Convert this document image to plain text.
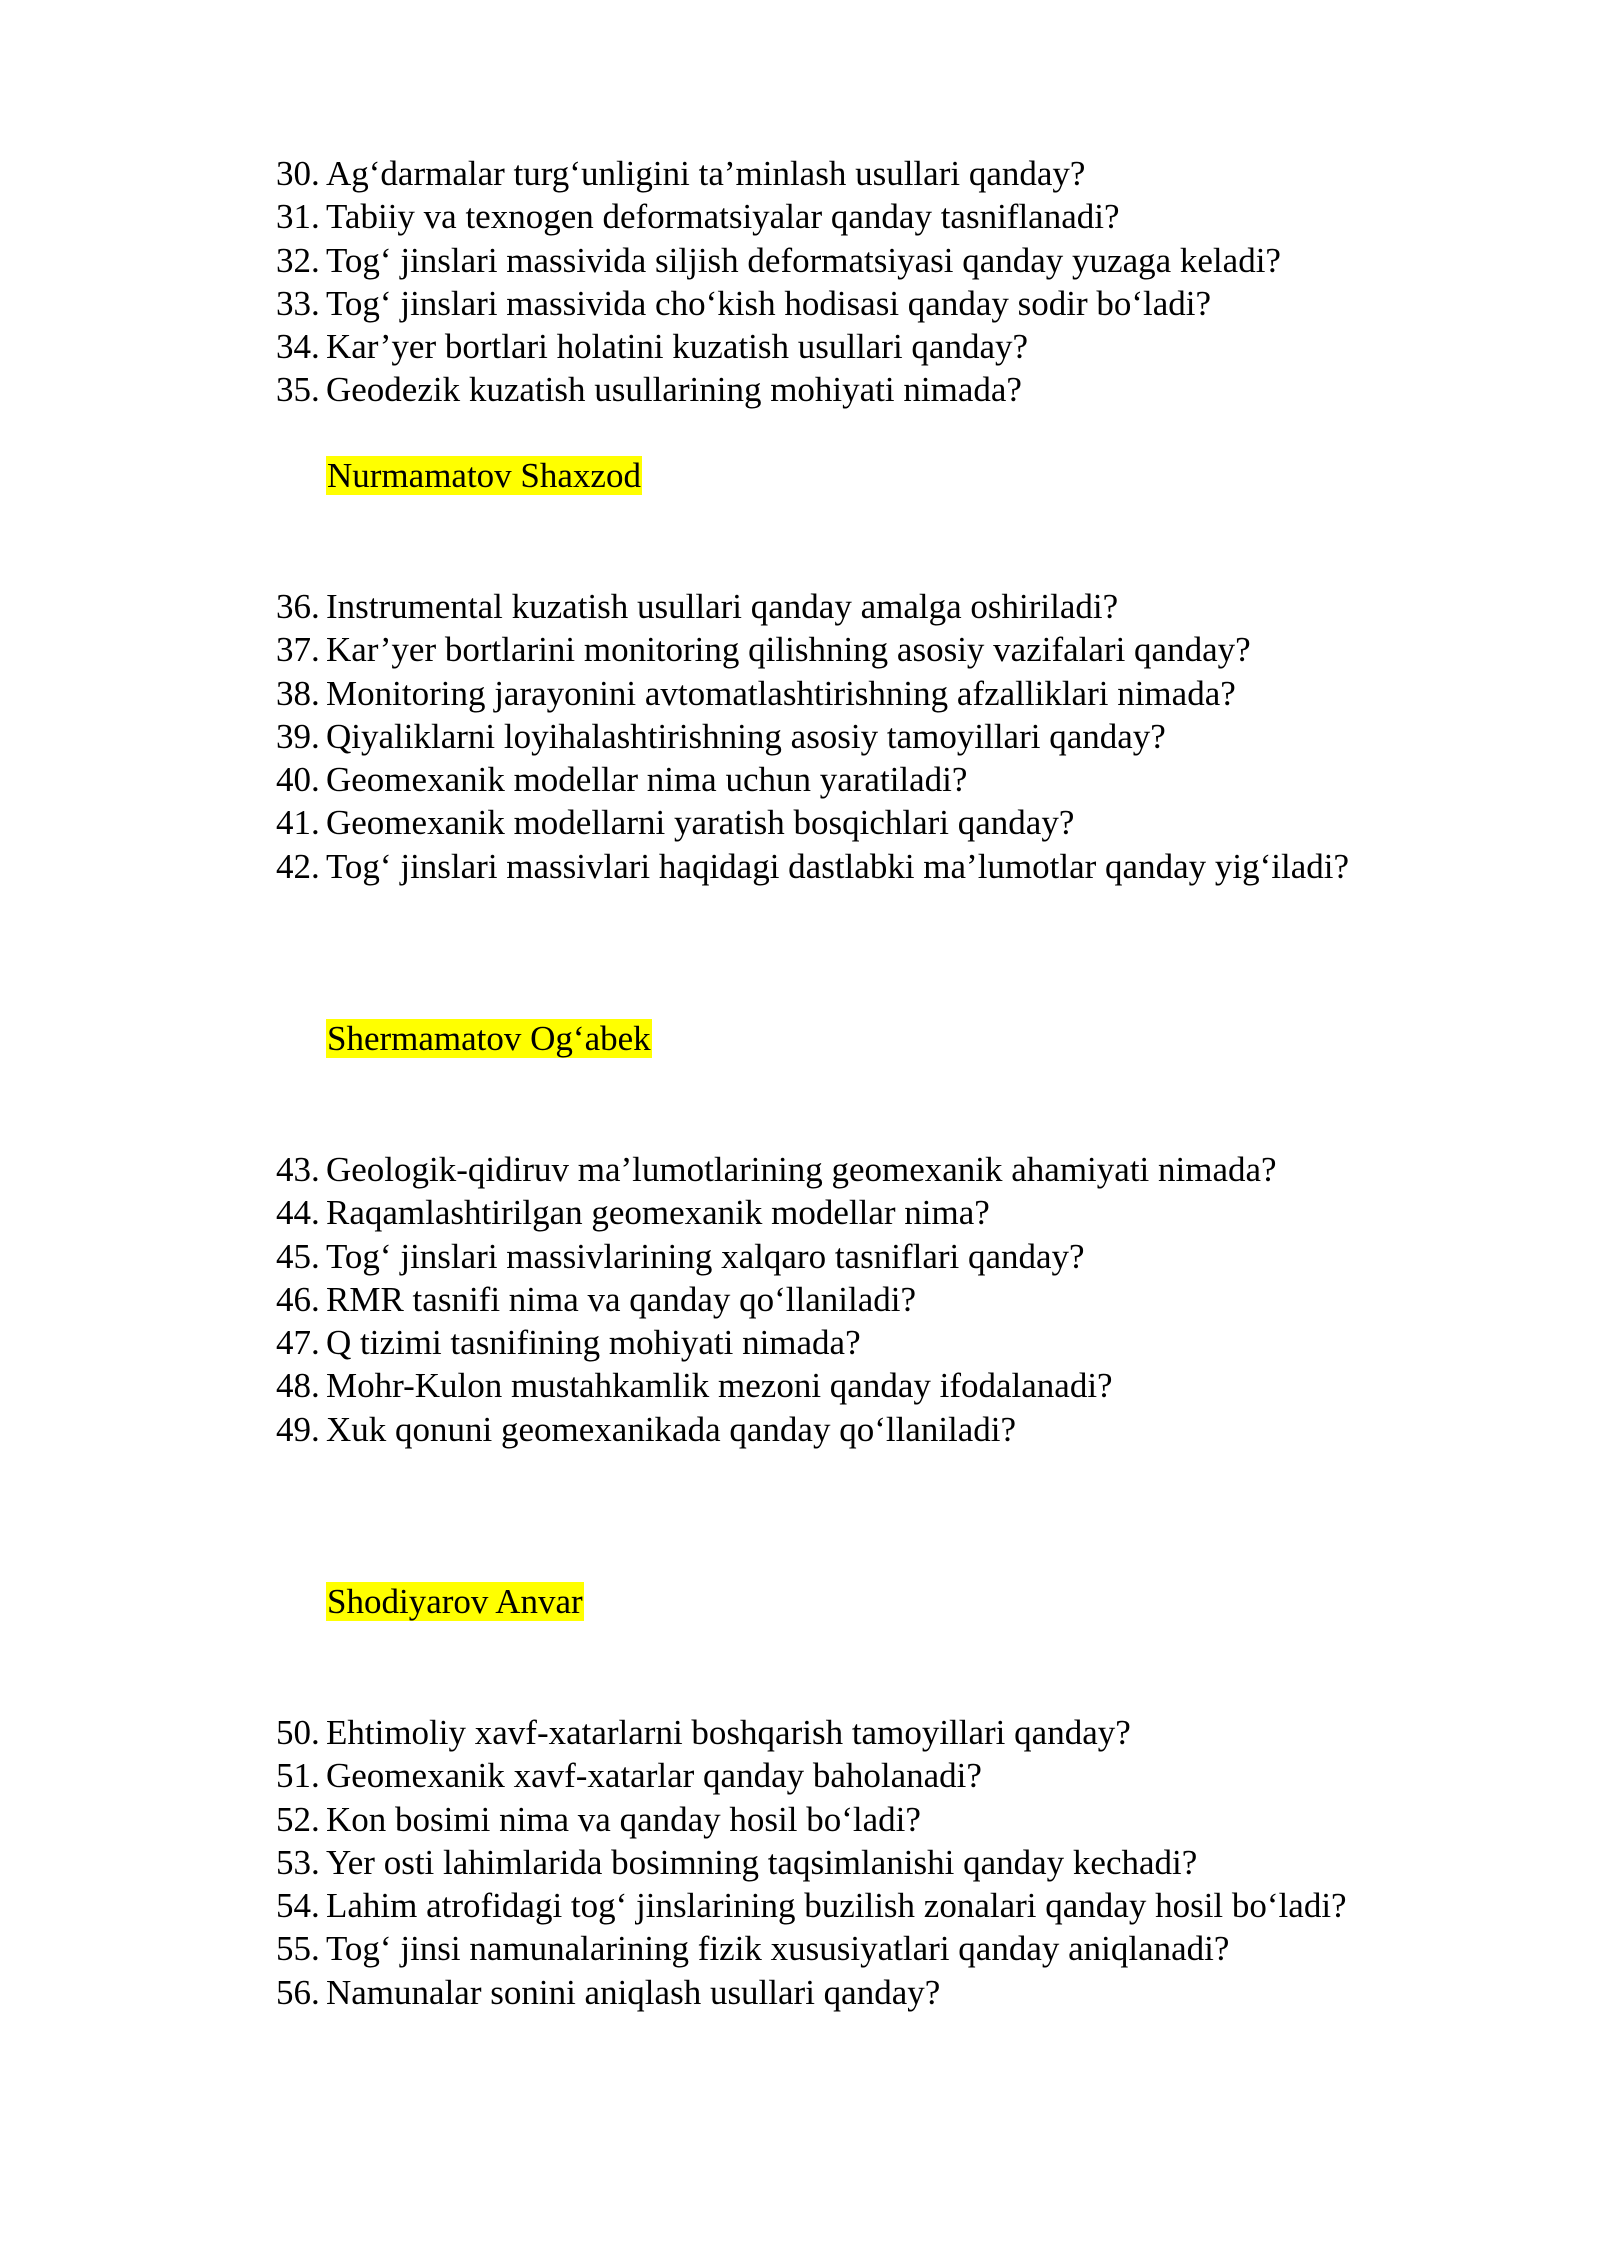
30. Ag‘darmalar turg‘unligini ta’minlash usullari qanday?
31. Tabiiy va texnogen deformatsiyalar qanday tasniflanadi?
32. Tog‘ jinslari massivida siljish deformatsiyasi qanday yuzaga keladi?
33. Tog‘ jinslari massivida cho‘kish hodisasi qanday sodir bo‘ladi?
34. Kar’yer bortlari holatini kuzatish usullari qanday?
35. Geodezik kuzatish usullarining mohiyati nimada?
Nurmamatov Shaxzod
36. Instrumental kuzatish usullari qanday amalga oshiriladi?
37. Kar’yer bortlarini monitoring qilishning asosiy vazifalari qanday?
38. Monitoring jarayonini avtomatlashtirishning afzalliklari nimada?
39. Qiyaliklarni loyihalashtirishning asosiy tamoyillari qanday?
40. Geomexanik modellar nima uchun yaratiladi?
41. Geomexanik modellarni yaratish bosqichlari qanday?
42. Tog‘ jinslari massivlari haqidagi dastlabki ma’lumotlar qanday yig‘iladi?
Shermamatov Og‘abek
43. Geologik-qidiruv ma’lumotlarining geomexanik ahamiyati nimada?
44. Raqamlashtirilgan geomexanik modellar nima?
45. Tog‘ jinslari massivlarining xalqaro tasniflari qanday?
46. RMR tasnifi nima va qanday qo‘llaniladi?
47. Q tizimi tasnifining mohiyati nimada?
48. Mohr-Kulon mustahkamlik mezoni qanday ifodalanadi?
49. Xuk qonuni geomexanikada qanday qo‘llaniladi?
Shodiyarov Anvar
50. Ehtimoliy xavf-xatarlarni boshqarish tamoyillari qanday?
51. Geomexanik xavf-xatarlar qanday baholanadi?
52. Kon bosimi nima va qanday hosil bo‘ladi?
53. Yer osti lahimlarida bosimning taqsimlanishi qanday kechadi?
54. Lahim atrofidagi tog‘ jinslarining buzilish zonalari qanday hosil bo‘ladi?
55. Tog‘ jinsi namunalarining fizik xususiyatlari qanday aniqlanadi?
56. Namunalar sonini aniqlash usullari qanday?
